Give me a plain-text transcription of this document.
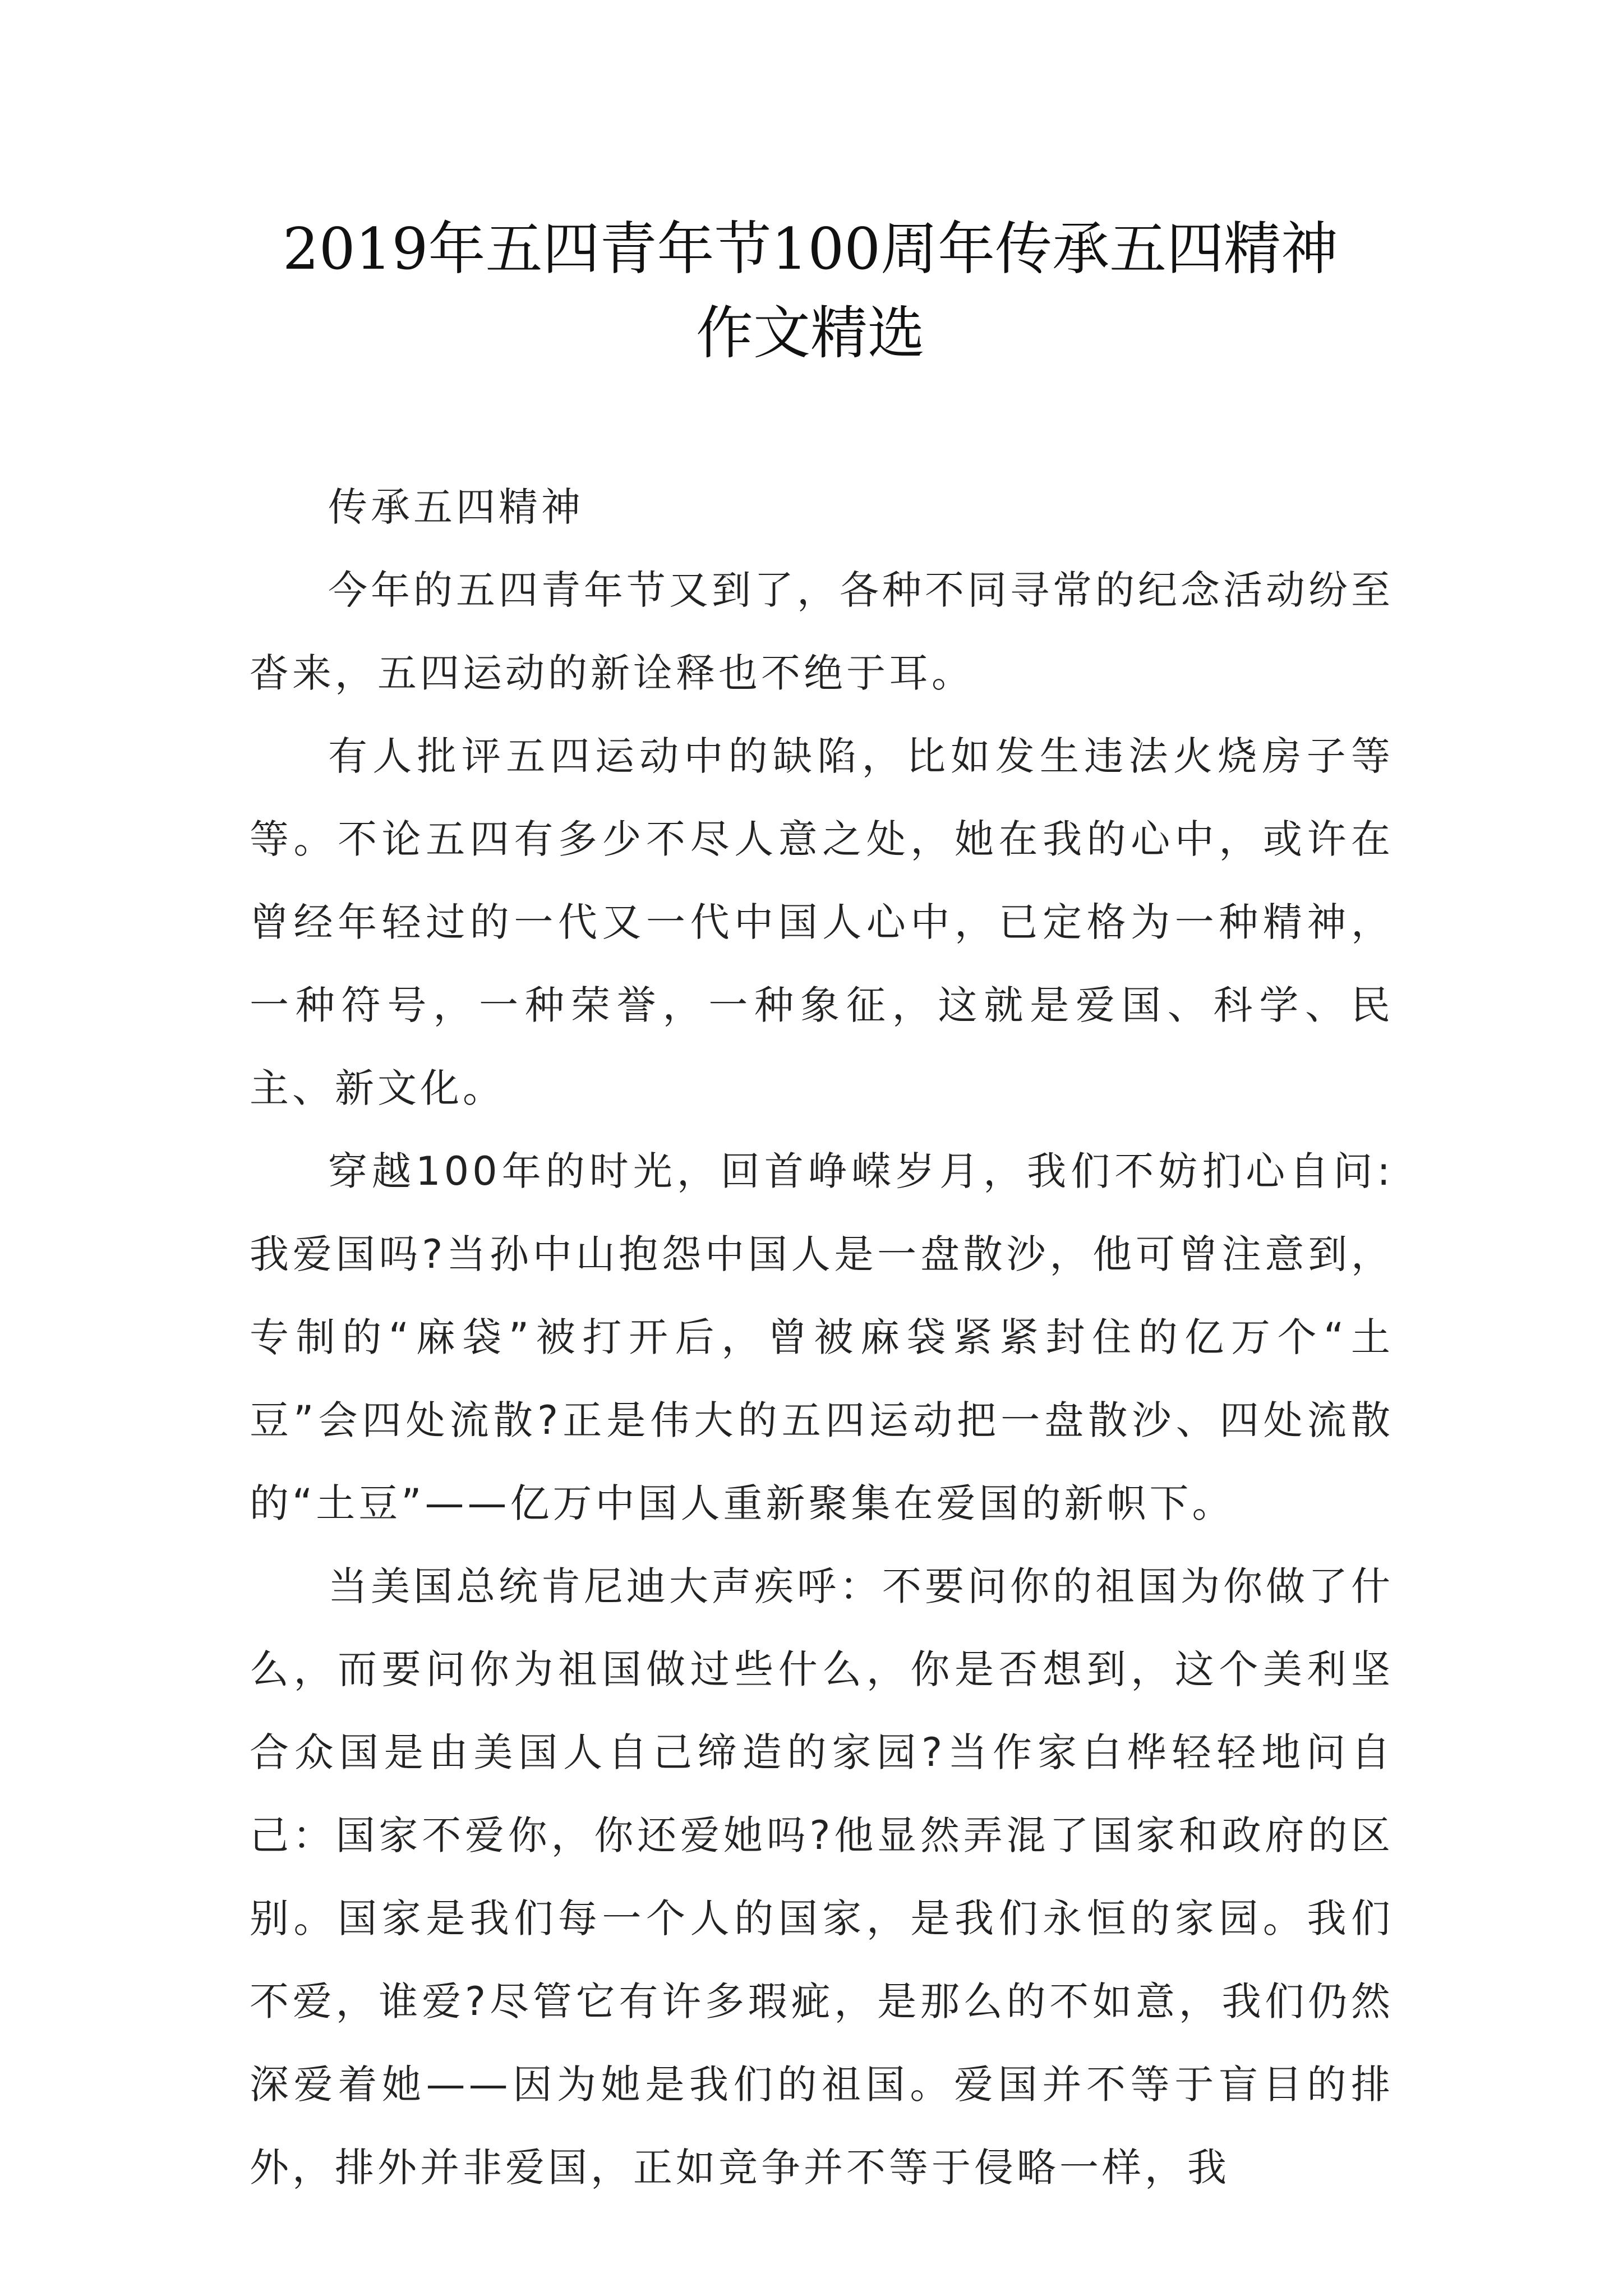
2019年五四青年节100周年传承五四精神
作文精选

传承五四精神

今年的五四青年节又到了，各种不同寻常的纪念活动纷至沓来，五四运动的新诠释也不绝于耳。

有人批评五四运动中的缺陷，比如发生违法火烧房子等等。不论五四有多少不尽人意之处，她在我的心中，或许在曾经年轻过的一代又一代中国人心中，已定格为一种精神，一种符号，一种荣誉，一种象征，这就是爱国、科学、民主、新文化。

穿越100年的时光，回首峥嵘岁月，我们不妨扪心自问:我爱国吗?当孙中山抱怨中国人是一盘散沙，他可曾注意到，专制的“麻袋”被打开后，曾被麻袋紧紧封住的亿万个“土豆”会四处流散?正是伟大的五四运动把一盘散沙、四处流散的“土豆”——亿万中国人重新聚集在爱国的新帜下。

当美国总统肯尼迪大声疾呼：不要问你的祖国为你做了什么，而要问你为祖国做过些什么，你是否想到，这个美利坚合众国是由美国人自己缔造的家园?当作家白桦轻轻地问自己：国家不爱你，你还爱她吗?他显然弄混了国家和政府的区别。国家是我们每一个人的国家，是我们永恒的家园。我们不爱，谁爱?尽管它有许多瑕疵，是那么的不如意，我们仍然深爱着她——因为她是我们的祖国。爱国并不等于盲目的排外，排外并非爱国，正如竞争并不等于侵略一样，我
